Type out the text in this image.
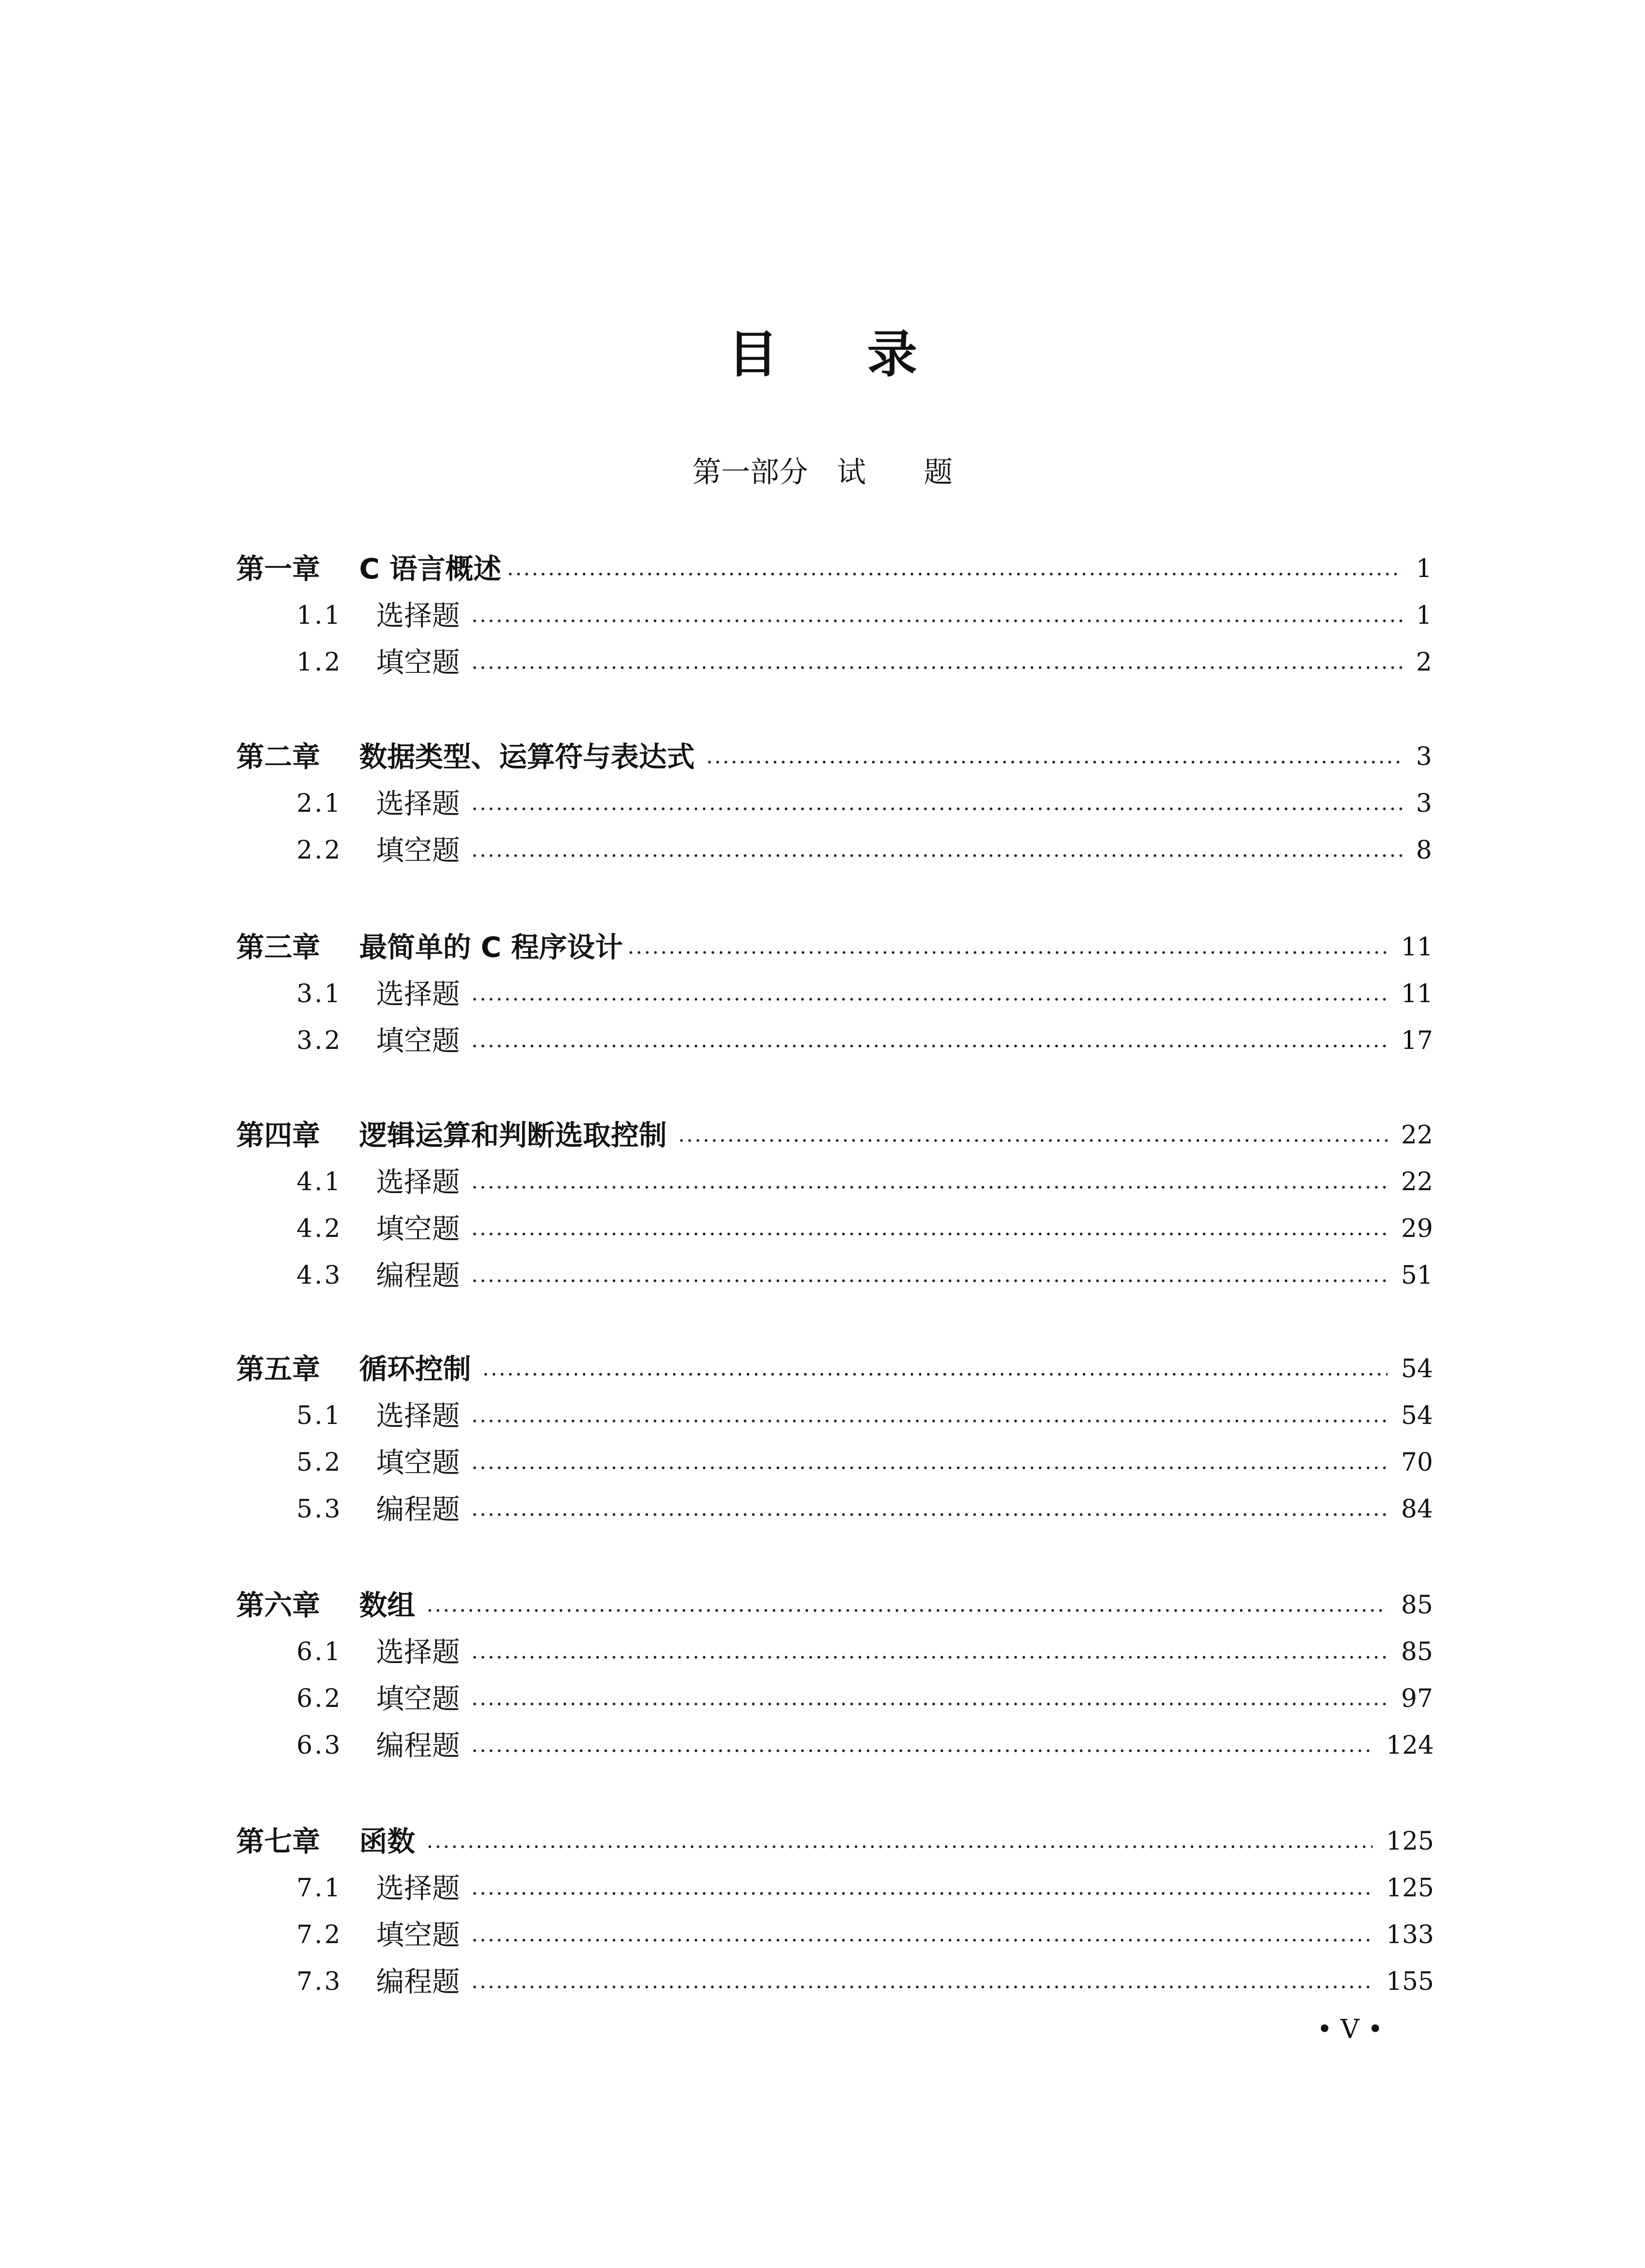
目录
第一部分　试　　题
第一章 C 语言概述	1
1.1 选择题	1
1.2 填空题	2
第二章 数据类型、运算符与表达式	3
2.1 选择题	3
2.2 填空题	8
第三章 最简单的 C 程序设计	11
3.1 选择题	11
3.2 填空题	17
第四章 逻辑运算和判断选取控制	22
4.1 选择题	22
4.2 填空题	29
4.3 编程题	51
第五章 循环控制	54
5.1 选择题	54
5.2 填空题	70
5.3 编程题	84
第六章 数组	85
6.1 选择题	85
6.2 填空题	97
6.3 编程题	124
第七章 函数	125
7.1 选择题	125
7.2 填空题	133
7.3 编程题	155
• V •
